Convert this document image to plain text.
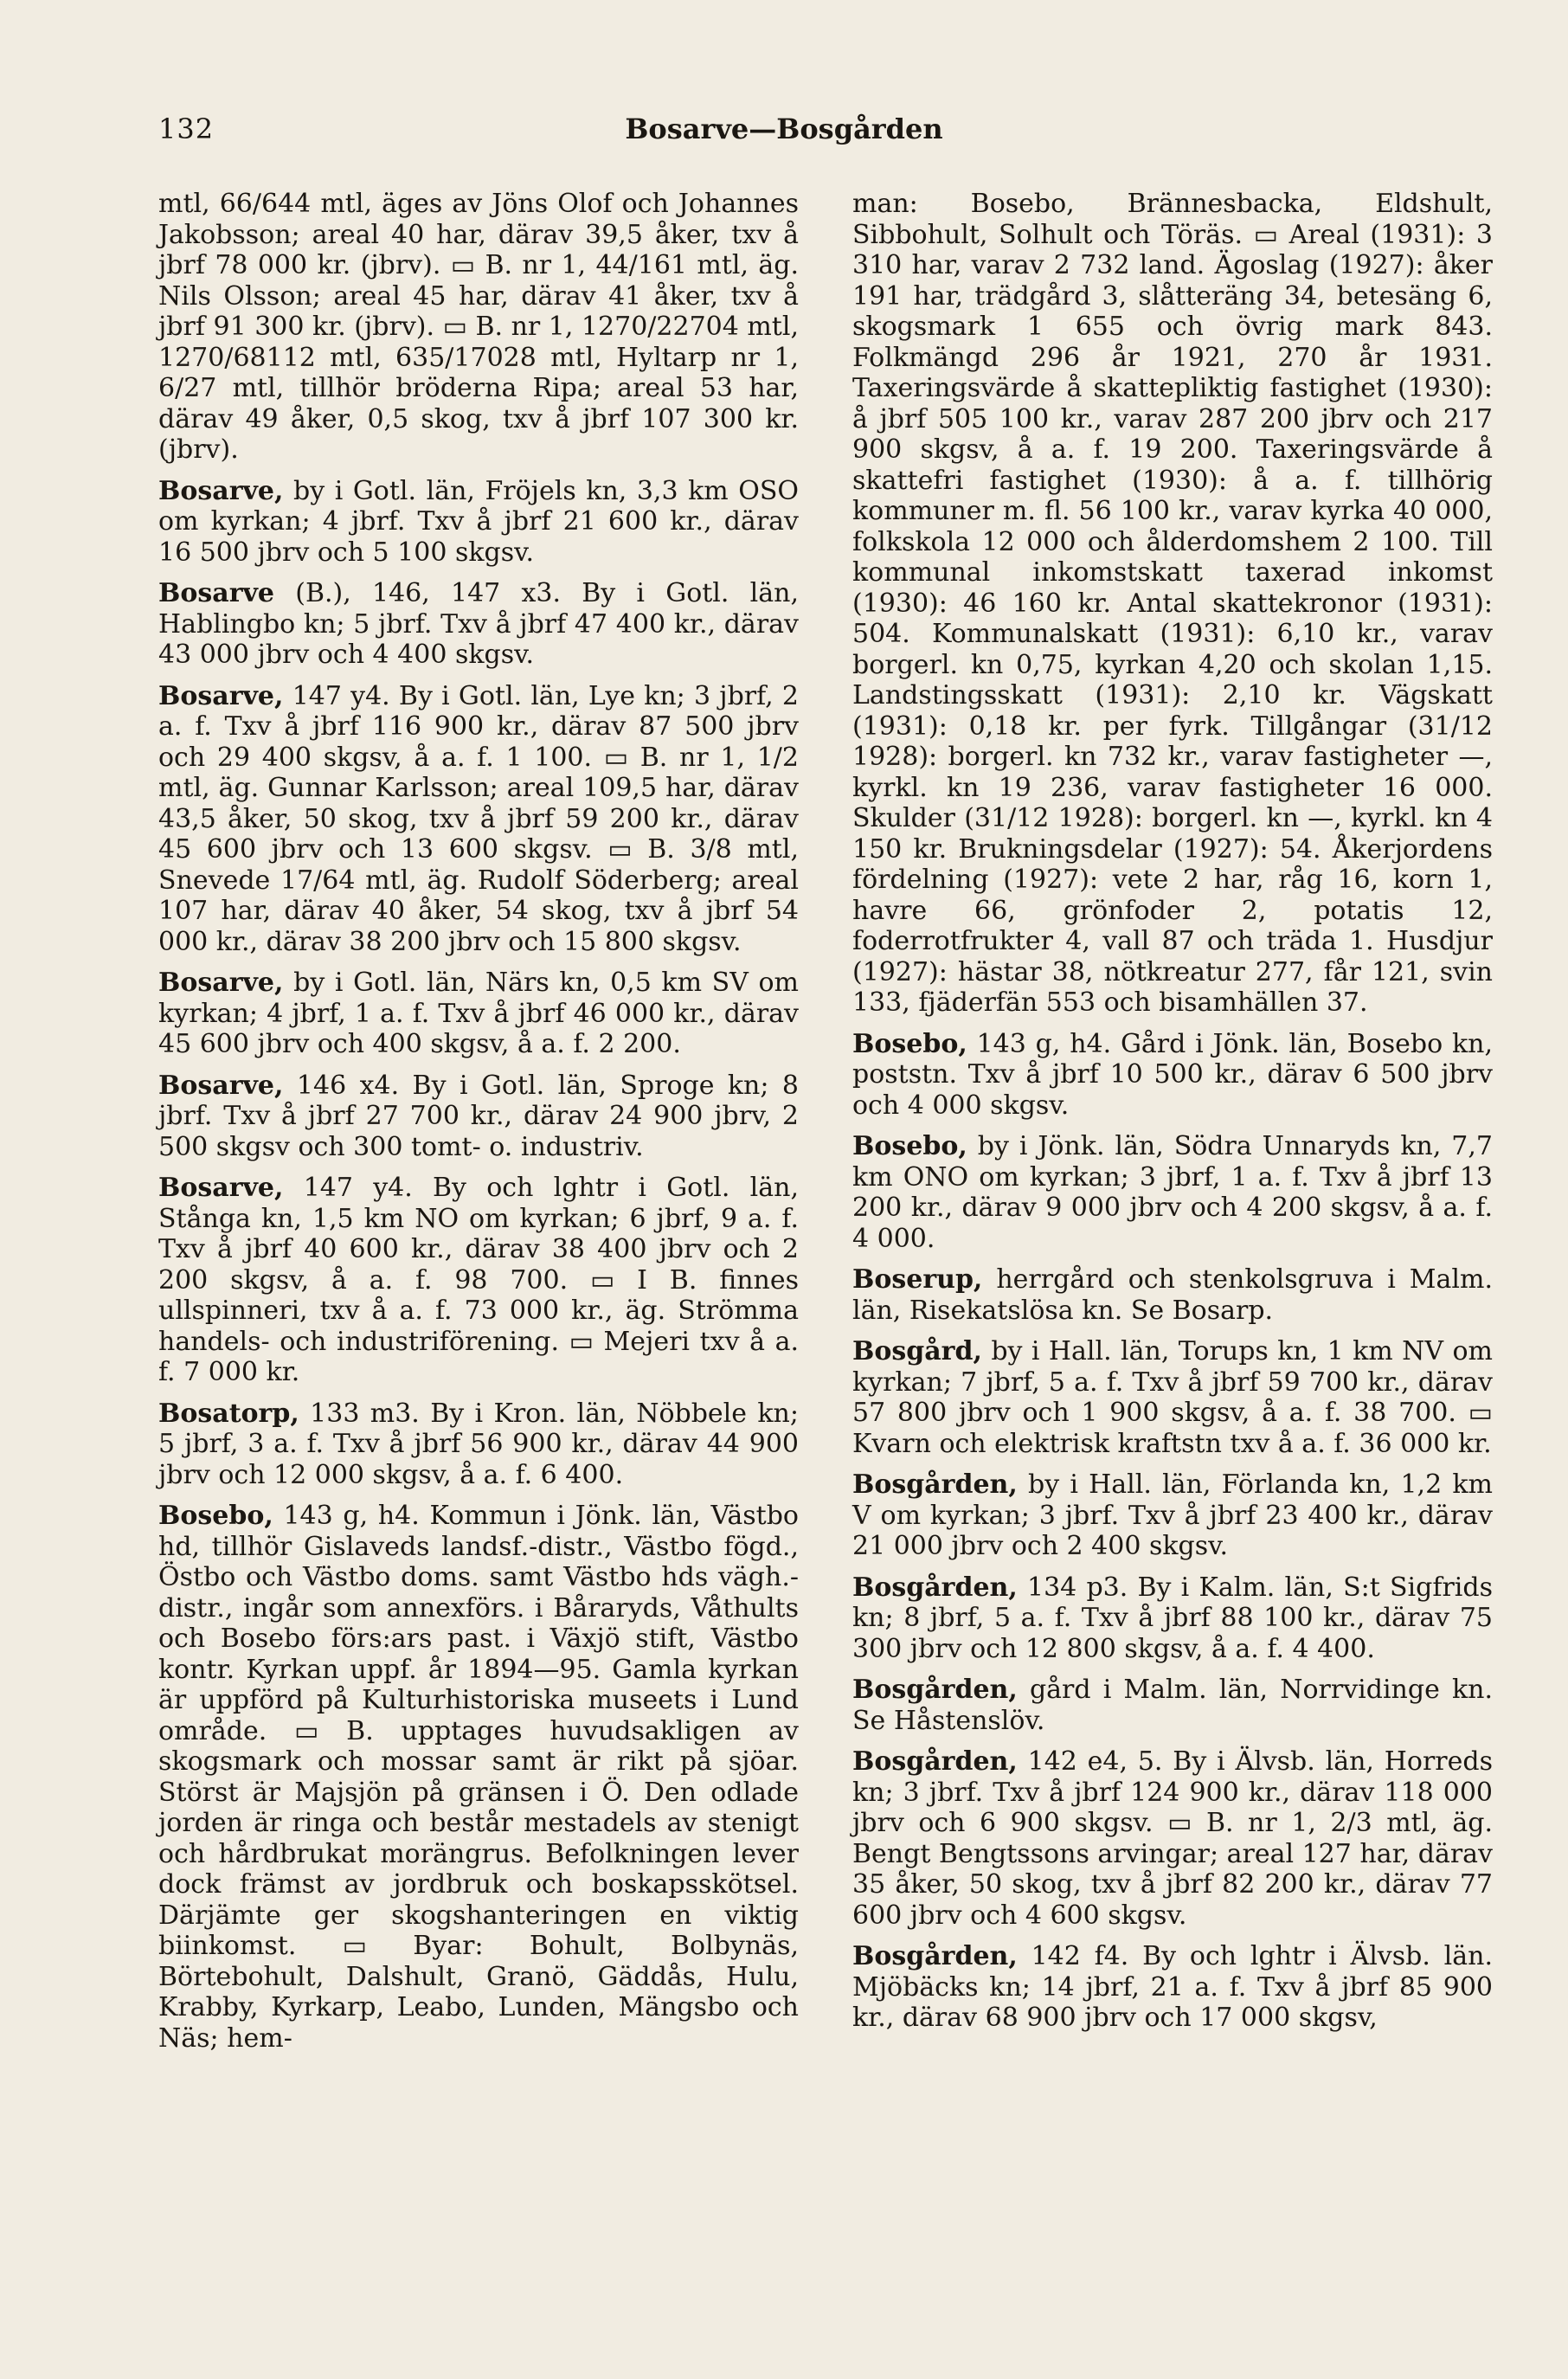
132	Bosarve—Bosgården

mtl, 66/644 mtl, äges av Jöns Olof och Johannes Jakobsson; areal 40 har, därav 39,5 åker, txv å jbrf 78 000 kr. (jbrv). ▭ B. nr 1, 44/161 mtl, äg. Nils Olsson; areal 45 har, därav 41 åker, txv å jbrf 91 300 kr. (jbrv). ▭ B. nr 1, 1270/22704 mtl, 1270/68112 mtl, 635/17028 mtl, Hyltarp nr 1, 6/27 mtl, tillhör bröderna Ripa; areal 53 har, därav 49 åker, 0,5 skog, txv å jbrf 107 300 kr. (jbrv).

Bosarve, by i Gotl. län, Fröjels kn, 3,3 km OSO om kyrkan; 4 jbrf. Txv å jbrf 21 600 kr., därav 16 500 jbrv och 5 100 skgsv.

Bosarve (B.), 146, 147 x3. By i Gotl. län, Hablingbo kn; 5 jbrf. Txv å jbrf 47 400 kr., därav 43 000 jbrv och 4 400 skgsv.

Bosarve, 147 y4. By i Gotl. län, Lye kn; 3 jbrf, 2 a. f. Txv å jbrf 116 900 kr., därav 87 500 jbrv och 29 400 skgsv, å a. f. 1 100. ▭ B. nr 1, 1/2 mtl, äg. Gunnar Karlsson; areal 109,5 har, därav 43,5 åker, 50 skog, txv å jbrf 59 200 kr., därav 45 600 jbrv och 13 600 skgsv. ▭ B. 3/8 mtl, Snevede 17/64 mtl, äg. Rudolf Söderberg; areal 107 har, därav 40 åker, 54 skog, txv å jbrf 54 000 kr., därav 38 200 jbrv och 15 800 skgsv.

Bosarve, by i Gotl. län, Närs kn, 0,5 km SV om kyrkan; 4 jbrf, 1 a. f. Txv å jbrf 46 000 kr., därav 45 600 jbrv och 400 skgsv, å a. f. 2 200.

Bosarve, 146 x4. By i Gotl. län, Sproge kn; 8 jbrf. Txv å jbrf 27 700 kr., därav 24 900 jbrv, 2 500 skgsv och 300 tomt- o. industriv.

Bosarve, 147 y4. By och lghtr i Gotl. län, Stånga kn, 1,5 km NO om kyrkan; 6 jbrf, 9 a. f. Txv å jbrf 40 600 kr., därav 38 400 jbrv och 2 200 skgsv, å a. f. 98 700. ▭ I B. finnes ullspinneri, txv å a. f. 73 000 kr., äg. Strömma handels- och industriförening. ▭ Mejeri txv å a. f. 7 000 kr.

Bosatorp, 133 m3. By i Kron. län, Nöbbele kn; 5 jbrf, 3 a. f. Txv å jbrf 56 900 kr., därav 44 900 jbrv och 12 000 skgsv, å a. f. 6 400.

Bosebo, 143 g, h4. Kommun i Jönk. län, Västbo hd, tillhör Gislaveds landsf.-distr., Västbo fögd., Östbo och Västbo doms. samt Västbo hds vägh.-distr., ingår som annexförs. i Båraryds, Våthults och Bosebo förs:ars past. i Växjö stift, Västbo kontr. Kyrkan uppf. år 1894—95. Gamla kyrkan är uppförd på Kulturhistoriska museets i Lund område. ▭ B. upptages huvudsakligen av skogsmark och mossar samt är rikt på sjöar. Störst är Majsjön på gränsen i Ö. Den odlade jorden är ringa och består mestadels av stenigt och hårdbrukat morängrus. Befolkningen lever dock främst av jordbruk och boskapsskötsel. Därjämte ger skogshanteringen en viktig biinkomst. ▭ Byar: Bohult, Bolbynäs, Börtebohult, Dalshult, Granö, Gäddås, Hulu, Krabby, Kyrkarp, Leabo, Lunden, Mängsbo och Näs; hem-

man: Bosebo, Brännesbacka, Eldshult, Sibbohult, Solhult och Töräs. ▭ Areal (1931): 3 310 har, varav 2 732 land. Ägoslag (1927): åker 191 har, trädgård 3, slåtteräng 34, betesäng 6, skogsmark 1 655 och övrig mark 843. Folkmängd 296 år 1921, 270 år 1931. Taxeringsvärde å skattepliktig fastighet (1930): å jbrf 505 100 kr., varav 287 200 jbrv och 217 900 skgsv, å a. f. 19 200. Taxeringsvärde å skattefri fastighet (1930): å a. f. tillhörig kommuner m. fl. 56 100 kr., varav kyrka 40 000, folkskola 12 000 och ålderdomshem 2 100. Till kommunal inkomstskatt taxerad inkomst (1930): 46 160 kr. Antal skattekronor (1931): 504. Kommunalskatt (1931): 6,10 kr., varav borgerl. kn 0,75, kyrkan 4,20 och skolan 1,15. Landstingsskatt (1931): 2,10 kr. Vägskatt (1931): 0,18 kr. per fyrk. Tillgångar (31/12 1928): borgerl. kn 732 kr., varav fastigheter —, kyrkl. kn 19 236, varav fastigheter 16 000. Skulder (31/12 1928): borgerl. kn —, kyrkl. kn 4 150 kr. Brukningsdelar (1927): 54. Åkerjordens fördelning (1927): vete 2 har, råg 16, korn 1, havre 66, grönfoder 2, potatis 12, foderrotfrukter 4, vall 87 och träda 1. Husdjur (1927): hästar 38, nötkreatur 277, får 121, svin 133, fjäderfän 553 och bisamhällen 37.

Bosebo, 143 g, h4. Gård i Jönk. län, Bosebo kn, poststn. Txv å jbrf 10 500 kr., därav 6 500 jbrv och 4 000 skgsv.

Bosebo, by i Jönk. län, Södra Unnaryds kn, 7,7 km ONO om kyrkan; 3 jbrf, 1 a. f. Txv å jbrf 13 200 kr., därav 9 000 jbrv och 4 200 skgsv, å a. f. 4 000.

Boserup, herrgård och stenkolsgruva i Malm. län, Risekatslösa kn. Se Bosarp.

Bosgård, by i Hall. län, Torups kn, 1 km NV om kyrkan; 7 jbrf, 5 a. f. Txv å jbrf 59 700 kr., därav 57 800 jbrv och 1 900 skgsv, å a. f. 38 700. ▭ Kvarn och elektrisk kraftstn txv å a. f. 36 000 kr.

Bosgården, by i Hall. län, Förlanda kn, 1,2 km V om kyrkan; 3 jbrf. Txv å jbrf 23 400 kr., därav 21 000 jbrv och 2 400 skgsv.

Bosgården, 134 p3. By i Kalm. län, S:t Sigfrids kn; 8 jbrf, 5 a. f. Txv å jbrf 88 100 kr., därav 75 300 jbrv och 12 800 skgsv, å a. f. 4 400.

Bosgården, gård i Malm. län, Norrvidinge kn. Se Håstenslöv.

Bosgården, 142 e4, 5. By i Älvsb. län, Horreds kn; 3 jbrf. Txv å jbrf 124 900 kr., därav 118 000 jbrv och 6 900 skgsv. ▭ B. nr 1, 2/3 mtl, äg. Bengt Bengtssons arvingar; areal 127 har, därav 35 åker, 50 skog, txv å jbrf 82 200 kr., därav 77 600 jbrv och 4 600 skgsv.

Bosgården, 142 f4. By och lghtr i Älvsb. län. Mjöbäcks kn; 14 jbrf, 21 a. f. Txv å jbrf 85 900 kr., därav 68 900 jbrv och 17 000 skgsv,
